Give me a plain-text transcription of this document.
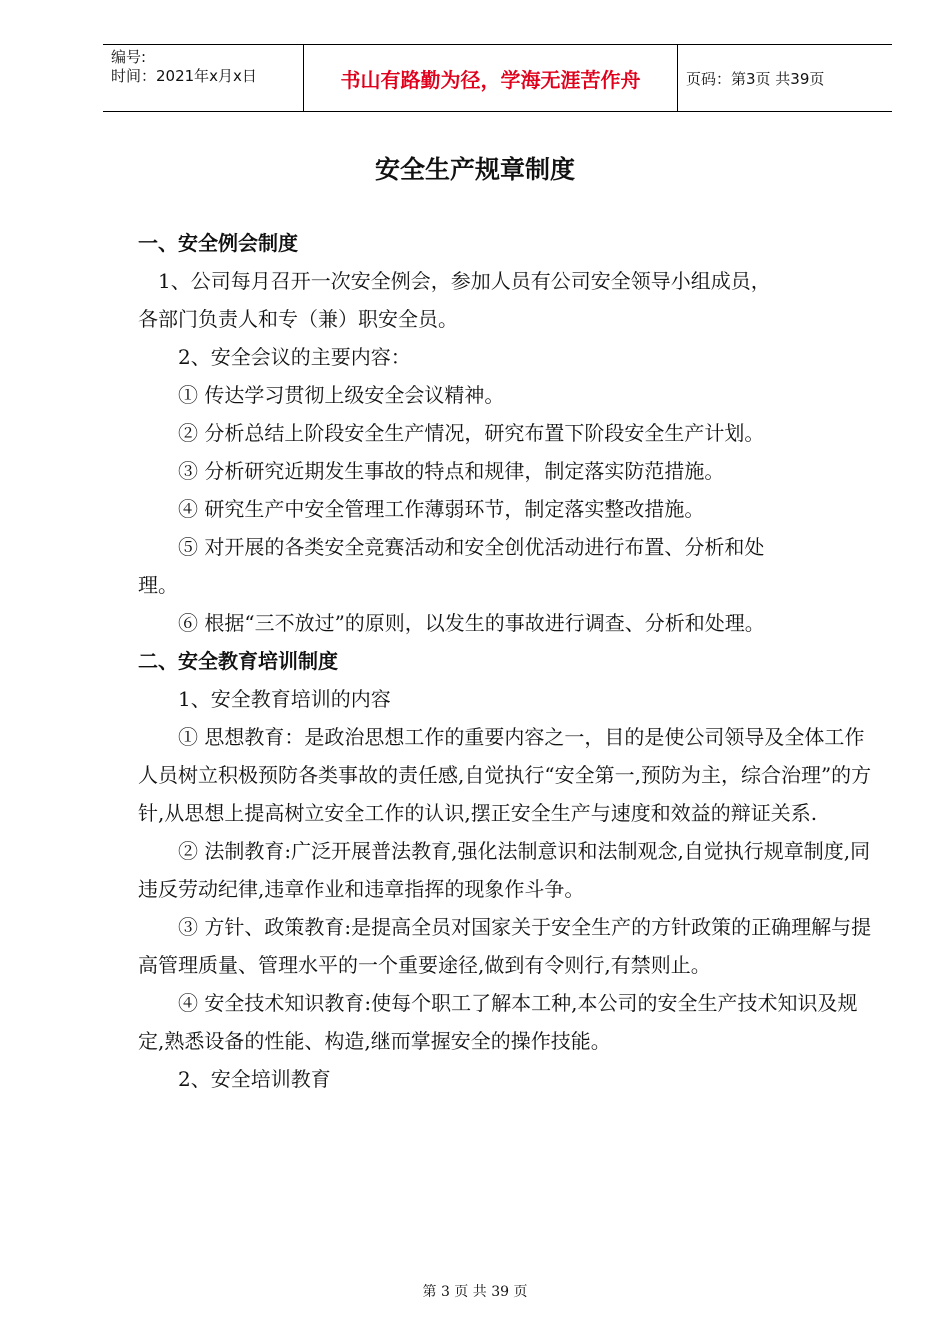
编号:
时间：2021年x月x日	书山有路勤为径，学海无涯苦作舟	页码：第3页 共39页
安全生产规章制度
一、安全例会制度
　1、公司每月召开一次安全例会，参加人员有公司安全领导小组成员，
各部门负责人和专（兼）职安全员。
　　2、安全会议的主要内容：
　　① 传达学习贯彻上级安全会议精神。
　　② 分析总结上阶段安全生产情况，研究布置下阶段安全生产计划。
　　③ 分析研究近期发生事故的特点和规律，制定落实防范措施。
　　④ 研究生产中安全管理工作薄弱环节，制定落实整改措施。
　　⑤ 对开展的各类安全竞赛活动和安全创优活动进行布置、分析和处
理。
　　⑥ 根据“三不放过”的原则，以发生的事故进行调查、分析和处理。
二、安全教育培训制度
　　1、安全教育培训的内容
　　① 思想教育：是政治思想工作的重要内容之一，目的是使公司领导及全体工作人员树立积极预防各类事故的责任感,自觉执行“安全第一,预防为主，综合治理”的方针,从思想上提高树立安全工作的认识,摆正安全生产与速度和效益的辩证关系.
　　② 法制教育:广泛开展普法教育,强化法制意识和法制观念,自觉执行规章制度,同违反劳动纪律,违章作业和违章指挥的现象作斗争。
　　③ 方针、政策教育:是提高全员对国家关于安全生产的方针政策的正确理解与提高管理质量、管理水平的一个重要途径,做到有令则行,有禁则止。
　　④ 安全技术知识教育:使每个职工了解本工种,本公司的安全生产技术知识及规定,熟悉设备的性能、构造,继而掌握安全的操作技能。
　　2、安全培训教育
第 3 页 共 39 页
